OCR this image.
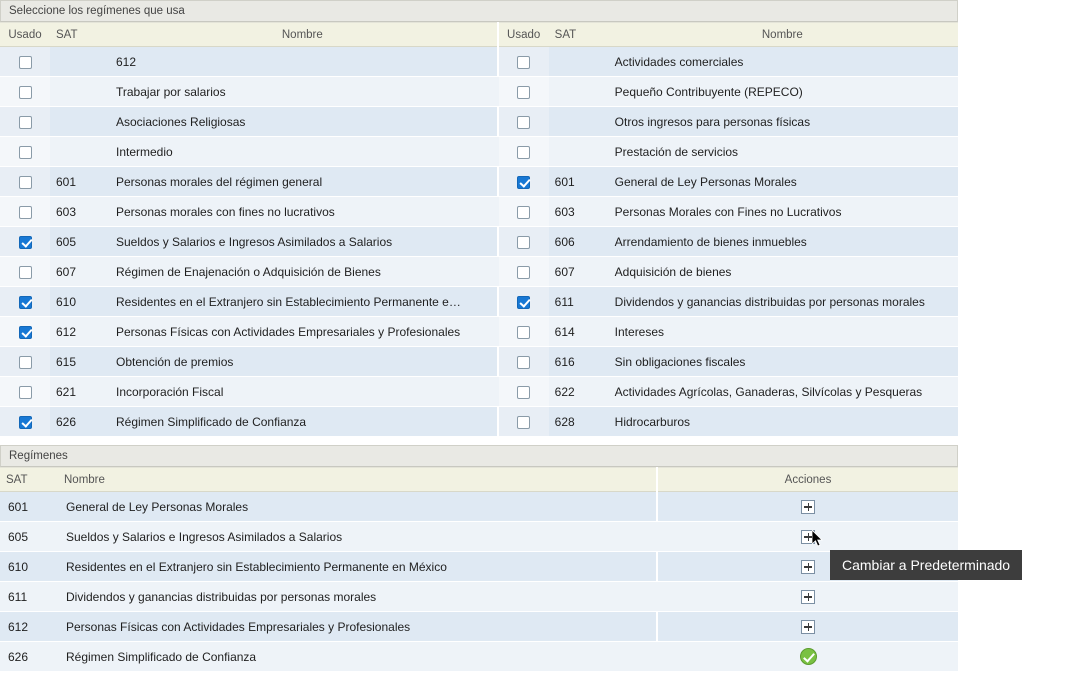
Seleccione los regímenes que usa
Usado	SAT	Nombre		Usado	SAT	Nombre
		612				Actividades comerciales
		Trabajar por salarios				Pequeño Contribuyente (REPECO)
		Asociaciones Religiosas				Otros ingresos para personas físicas
		Intermedio				Prestación de servicios
	601	Personas morales del régimen general			601	General de Ley Personas Morales
	603	Personas morales con fines no lucrativos			603	Personas Morales con Fines no Lucrativos
	605	Sueldos y Salarios e Ingresos Asimilados a Salarios			606	Arrendamiento de bienes inmuebles
	607	Régimen de Enajenación o Adquisición de Bienes			607	Adquisición de bienes
	610	Residentes en el Extranjero sin Establecimiento Permanente e…			611	Dividendos y ganancias distribuidas por personas morales
	612	Personas Físicas con Actividades Empresariales y Profesionales			614	Intereses
	615	Obtención de premios			616	Sin obligaciones fiscales
	621	Incorporación Fiscal			622	Actividades Agrícolas, Ganaderas, Silvícolas y Pesqueras
	626	Régimen Simplificado de Confianza			628	Hidrocarburos
Regímenes
SAT	Nombre		Acciones
601	General de Ley Personas Morales		
605	Sueldos y Salarios e Ingresos Asimilados a Salarios		
610	Residentes en el Extranjero sin Establecimiento Permanente en México		
611	Dividendos y ganancias distribuidas por personas morales		
612	Personas Físicas con Actividades Empresariales y Profesionales		
626	Régimen Simplificado de Confianza		
Cambiar a Predeterminado
